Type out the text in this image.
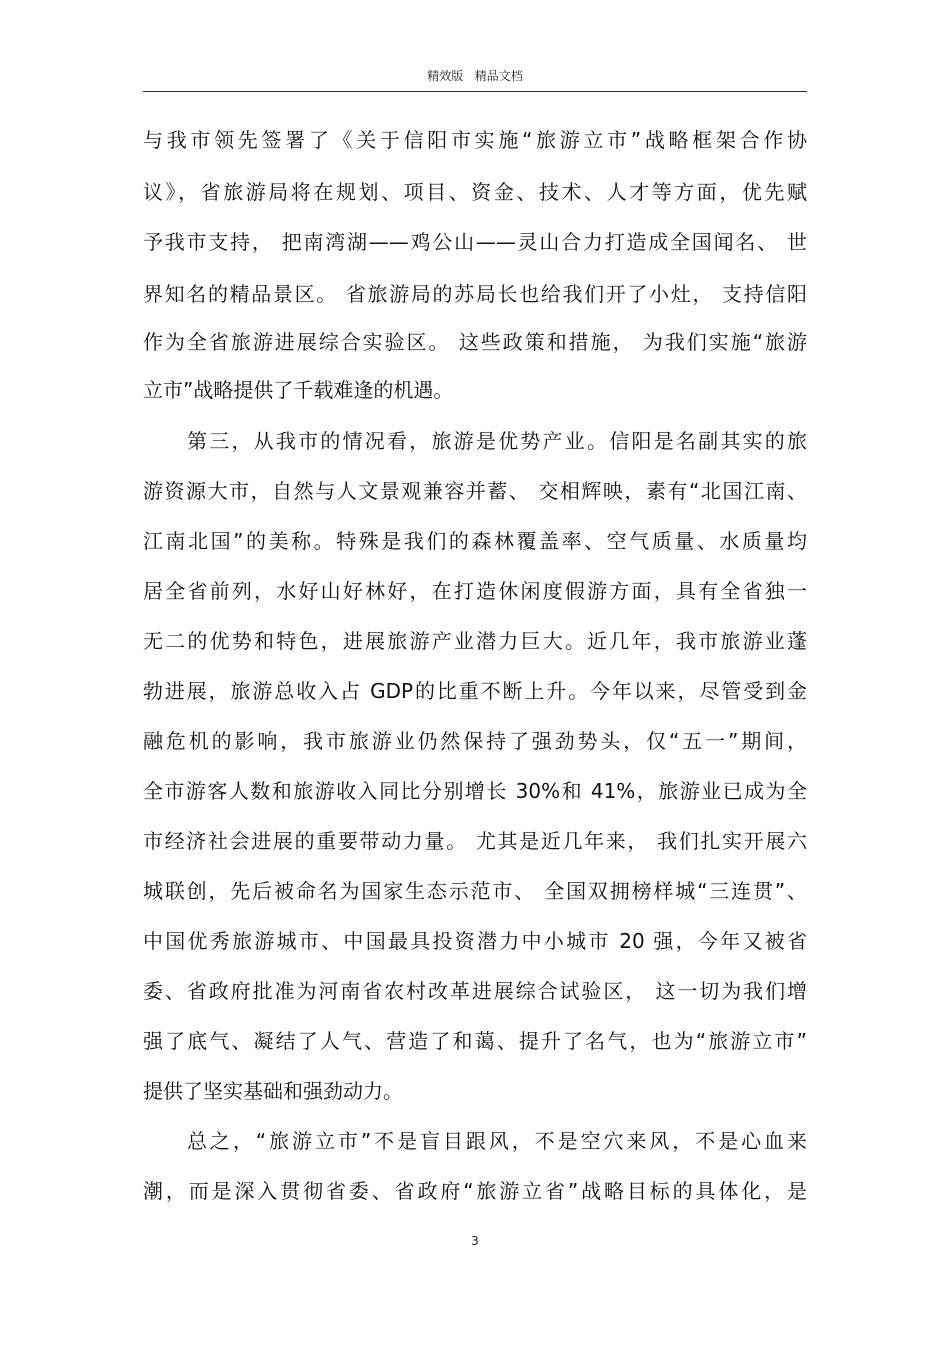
精效版   精品文档
与我市领先签署了《关于信阳市实施“旅游立市”战略框架合作协
议》，省旅游局将在规划、项目、资金、技术、人才等方面，优先赋
予我市支持， 把南湾湖——鸡公山——灵山合力打造成全国闻名、 世
界知名的精品景区。 省旅游局的苏局长也给我们开了小灶， 支持信阳
作为全省旅游进展综合实验区。 这些政策和措施， 为我们实施“旅游
立市”战略提供了千载难逢的机遇。
第三，从我市的情况看，旅游是优势产业。信阳是名副其实的旅
游资源大市，自然与人文景观兼容并蓄、 交相辉映，素有“北国江南、
江南北国”的美称。特殊是我们的森林覆盖率、空气质量、水质量均
居全省前列，水好山好林好，在打造休闲度假游方面，具有全省独一
无二的优势和特色，进展旅游产业潜力巨大。近几年，我市旅游业蓬
勃进展，旅游总收入占 GDP的比重不断上升。今年以来，尽管受到金
融危机的影响，我市旅游业仍然保持了强劲势头，仅“五一”期间，
全市游客人数和旅游收入同比分别增长 30%和 41%，旅游业已成为全
市经济社会进展的重要带动力量。 尤其是近几年来， 我们扎实开展六
城联创，先后被命名为国家生态示范市、 全国双拥榜样城“三连贯”、
中国优秀旅游城市、中国最具投资潜力中小城市 20 强，今年又被省
委、省政府批准为河南省农村改革进展综合试验区， 这一切为我们增
强了底气、凝结了人气、营造了和蔼、提升了名气，也为“旅游立市”
提供了坚实基础和强劲动力。
总之，“旅游立市”不是盲目跟风，不是空穴来风，不是心血来
潮，而是深入贯彻省委、省政府“旅游立省”战略目标的具体化，是
3
